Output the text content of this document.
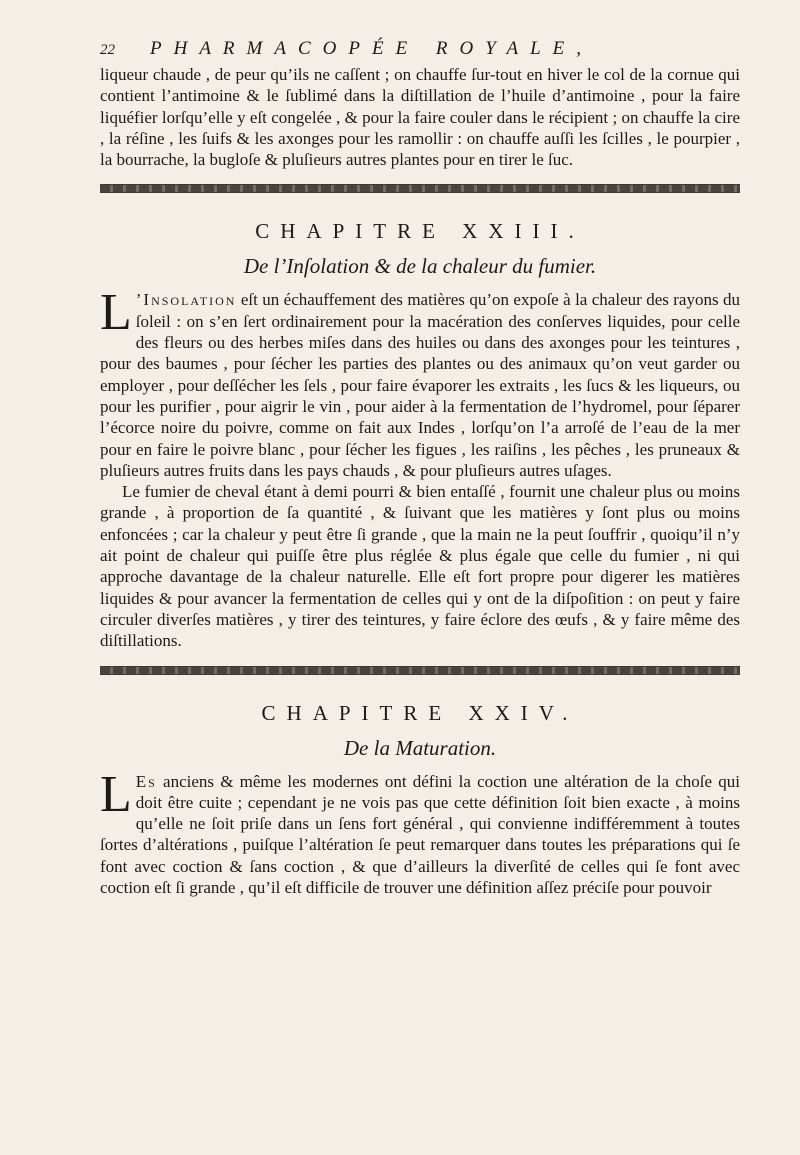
22	PHARMACOPÉE ROYALE,

liqueur chaude , de peur qu’ils ne caſſent ; on chauffe ſur-tout en hiver le col de la cornue qui contient l’antimoine & le ſublimé dans la diſtillation de l’huile d’antimoine , pour la faire liquéfier lorſqu’elle y eſt congelée , & pour la faire couler dans le récipient ; on chauffe la cire , la réſine , les ſuifs & les axonges pour les ramollir : on chauffe auſſi les ſcilles , le pourpier , la bourrache, la bugloſe & pluſieurs autres plantes pour en tirer le ſuc.

CHAPITRE XXIII.
De l’Inſolation & de la chaleur du fumier.

L ’Insolation eſt un échauffement des matières qu’on expoſe à la chaleur des rayons du ſoleil : on s’en ſert ordinairement pour la macération des conſerves liquides, pour celle des fleurs ou des herbes miſes dans des huiles ou dans des axonges pour les teintures , pour des baumes , pour ſécher les parties des plantes ou des animaux qu’on veut garder ou employer , pour deſſécher les ſels , pour faire évaporer les extraits , les ſucs & les liqueurs, ou pour les purifier , pour aigrir le vin , pour aider à la fermentation de l’hydromel, pour ſéparer l’écorce noire du poivre, comme on fait aux Indes , lorſqu’on l’a arroſé de l’eau de la mer pour en faire le poivre blanc , pour ſécher les figues , les raiſins , les pêches , les pruneaux & pluſieurs autres fruits dans les pays chauds , & pour pluſieurs autres uſages.

Le fumier de cheval étant à demi pourri & bien entaſſé , fournit une chaleur plus ou moins grande , à proportion de ſa quantité , & ſuivant que les matières y ſont plus ou moins enfoncées ; car la chaleur y peut être ſi grande , que la main ne la peut ſouffrir , quoiqu’il n’y ait point de chaleur qui puiſſe être plus réglée & plus égale que celle du fumier , ni qui approche davantage de la chaleur naturelle. Elle eſt fort propre pour digerer les matières liquides & pour avancer la fermentation de celles qui y ont de la diſpoſition : on peut y faire circuler diverſes matières , y tirer des teintures, y faire éclore des œufs , & y faire même des diſtillations.

CHAPITRE XXIV.
De la Maturation.

L Es anciens & même les modernes ont défini la coction une altération de la choſe qui doit être cuite ; cependant je ne vois pas que cette définition ſoit bien exacte , à moins qu’elle ne ſoit priſe dans un ſens fort général , qui convienne indifféremment à toutes ſortes d’altérations , puiſque l’altération ſe peut remarquer dans toutes les préparations qui ſe font avec coction & ſans coction , & que d’ailleurs la diverſité de celles qui ſe font avec coction eſt ſi grande , qu’il eſt difficile de trouver une définition aſſez préciſe pour pouvoir
